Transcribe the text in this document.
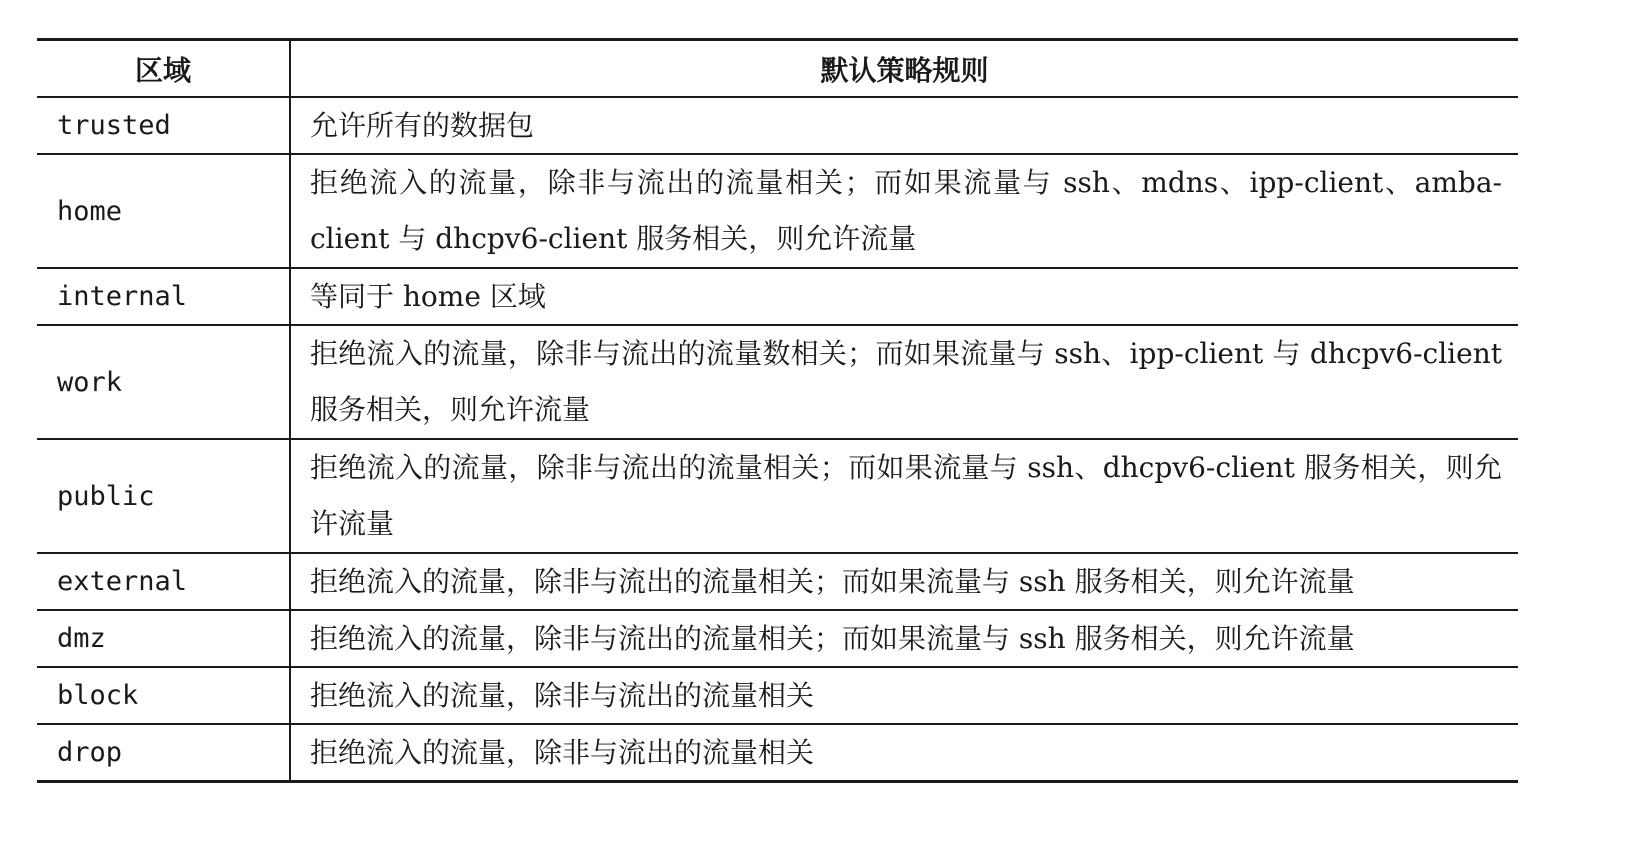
区域	默认策略规则
trusted	允许所有的数据包
home	拒绝流入的流量，除非与流出的流量相关；而如果流量与 ssh、mdns、ipp-client、amba-client 与 dhcpv6-client 服务相关，则允许流量
internal	等同于 home 区域
work	拒绝流入的流量，除非与流出的流量数相关；而如果流量与 ssh、ipp-client 与 dhcpv6-client 服务相关，则允许流量
public	拒绝流入的流量，除非与流出的流量相关；而如果流量与 ssh、dhcpv6-client 服务相关，则允许流量
external	拒绝流入的流量，除非与流出的流量相关；而如果流量与 ssh 服务相关，则允许流量
dmz	拒绝流入的流量，除非与流出的流量相关；而如果流量与 ssh 服务相关，则允许流量
block	拒绝流入的流量，除非与流出的流量相关
drop	拒绝流入的流量，除非与流出的流量相关
